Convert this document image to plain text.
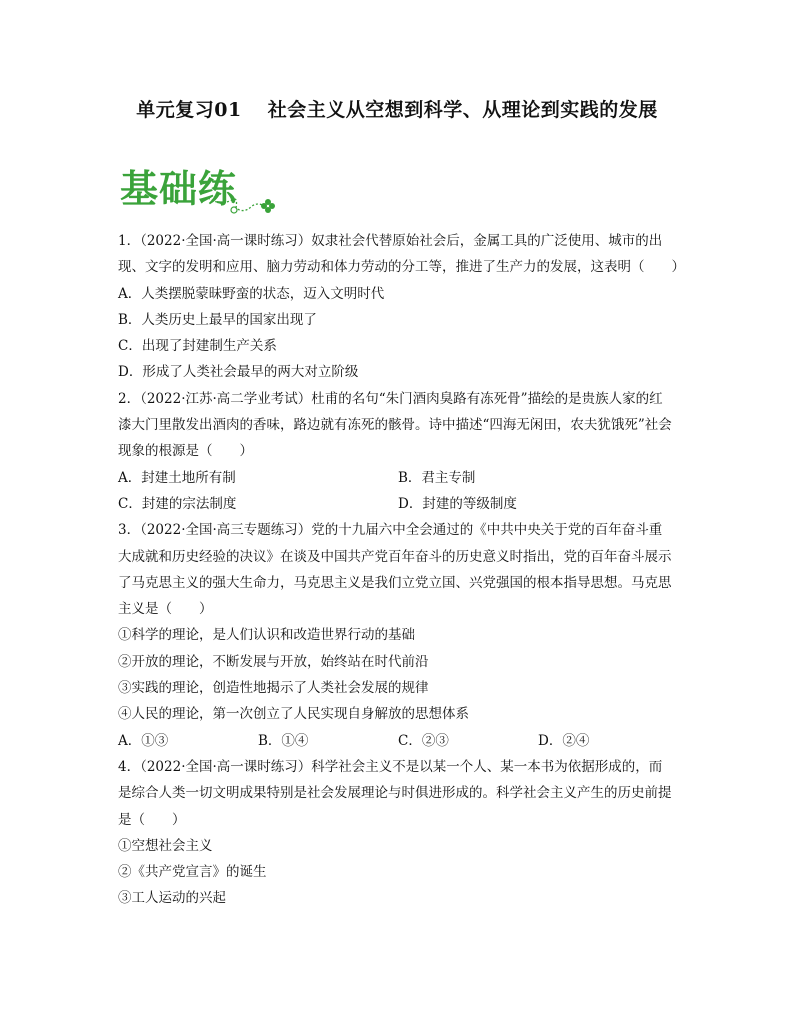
单元复习01 社会主义从空想到科学、从理论到实践的发展
基础练
1．（2022·全国·高一课时练习）奴隶社会代替原始社会后，金属工具的广泛使用、城市的出
现、文字的发明和应用、脑力劳动和体力劳动的分工等，推进了生产力的发展，这表明（　　）
A．人类摆脱蒙昧野蛮的状态，迈入文明时代
B．人类历史上最早的国家出现了
C．出现了封建制生产关系
D．形成了人类社会最早的两大对立阶级
2．（2022·江苏·高二学业考试）杜甫的名句“朱门酒肉臭路有冻死骨”描绘的是贵族人家的红
漆大门里散发出酒肉的香味，路边就有冻死的骸骨。诗中描述“四海无闲田，农夫犹饿死”社会
现象的根源是（　　）
A．封建土地所有制	B．君主专制
C．封建的宗法制度	D．封建的等级制度
3．（2022·全国·高三专题练习）党的十九届六中全会通过的《中共中央关于党的百年奋斗重
大成就和历史经验的决议》在谈及中国共产党百年奋斗的历史意义时指出，党的百年奋斗展示
了马克思主义的强大生命力，马克思主义是我们立党立国、兴党强国的根本指导思想。马克思
主义是（　　）
①科学的理论，是人们认识和改造世界行动的基础
②开放的理论，不断发展与开放，始终站在时代前沿
③实践的理论，创造性地揭示了人类社会发展的规律
④人民的理论，第一次创立了人民实现自身解放的思想体系
A．①③	B．①④	C．②③	D．②④
4．（2022·全国·高一课时练习）科学社会主义不是以某一个人、某一本书为依据形成的，而
是综合人类一切文明成果特别是社会发展理论与时俱进形成的。科学社会主义产生的历史前提
是（　　）
①空想社会主义
②《共产党宣言》的诞生
③工人运动的兴起
